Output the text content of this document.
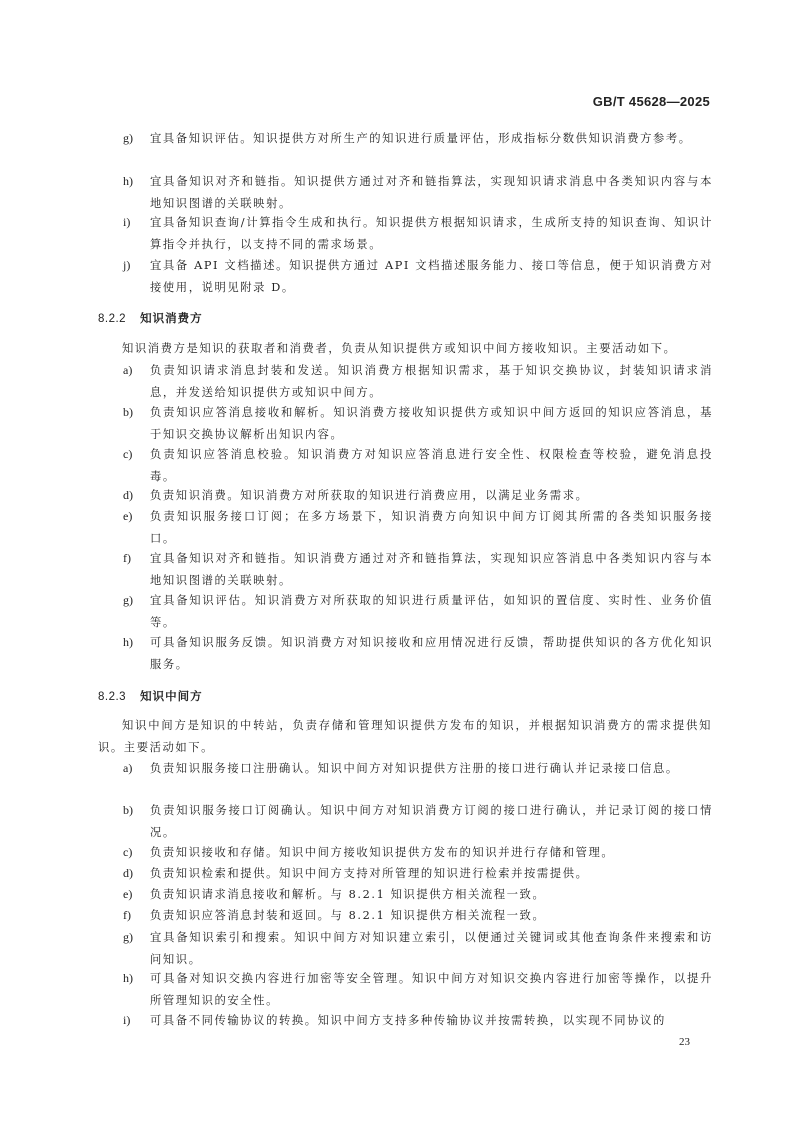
GB/T 45628—2025
g)	宜具备知识评估。知识提供方对所生产的知识进行质量评估，形成指标分数供知识消费方参考。
h)	宜具备知识对齐和链指。知识提供方通过对齐和链指算法，实现知识请求消息中各类知识内容与本地知识图谱的关联映射。
i)	宜具备知识查询/计算指令生成和执行。知识提供方根据知识请求，生成所支持的知识查询、知识计算指令并执行，以支持不同的需求场景。
j)	宜具备 API 文档描述。知识提供方通过 API 文档描述服务能力、接口等信息，便于知识消费方对接使用，说明见附录 D。
8.2.2 知识消费方
知识消费方是知识的获取者和消费者，负责从知识提供方或知识中间方接收知识。主要活动如下。
a)	负责知识请求消息封装和发送。知识消费方根据知识需求，基于知识交换协议，封装知识请求消息，并发送给知识提供方或知识中间方。
b)	负责知识应答消息接收和解析。知识消费方接收知识提供方或知识中间方返回的知识应答消息，基于知识交换协议解析出知识内容。
c)	负责知识应答消息校验。知识消费方对知识应答消息进行安全性、权限检查等校验，避免消息投毒。
d)	负责知识消费。知识消费方对所获取的知识进行消费应用，以满足业务需求。
e)	负责知识服务接口订阅；在多方场景下，知识消费方向知识中间方订阅其所需的各类知识服务接口。
f)	宜具备知识对齐和链指。知识消费方通过对齐和链指算法，实现知识应答消息中各类知识内容与本地知识图谱的关联映射。
g)	宜具备知识评估。知识消费方对所获取的知识进行质量评估，如知识的置信度、实时性、业务价值等。
h)	可具备知识服务反馈。知识消费方对知识接收和应用情况进行反馈，帮助提供知识的各方优化知识服务。
8.2.3 知识中间方
知识中间方是知识的中转站，负责存储和管理知识提供方发布的知识，并根据知识消费方的需求提供知识。主要活动如下。
a)	负责知识服务接口注册确认。知识中间方对知识提供方注册的接口进行确认并记录接口信息。
b)	负责知识服务接口订阅确认。知识中间方对知识消费方订阅的接口进行确认，并记录订阅的接口情况。
c)	负责知识接收和存储。知识中间方接收知识提供方发布的知识并进行存储和管理。
d)	负责知识检索和提供。知识中间方支持对所管理的知识进行检索并按需提供。
e)	负责知识请求消息接收和解析。与 8.2.1 知识提供方相关流程一致。
f)	负责知识应答消息封装和返回。与 8.2.1 知识提供方相关流程一致。
g)	宜具备知识索引和搜索。知识中间方对知识建立索引，以便通过关键词或其他查询条件来搜索和访问知识。
h)	可具备对知识交换内容进行加密等安全管理。知识中间方对知识交换内容进行加密等操作，以提升所管理知识的安全性。
i)	可具备不同传输协议的转换。知识中间方支持多种传输协议并按需转换，以实现不同协议的
23
